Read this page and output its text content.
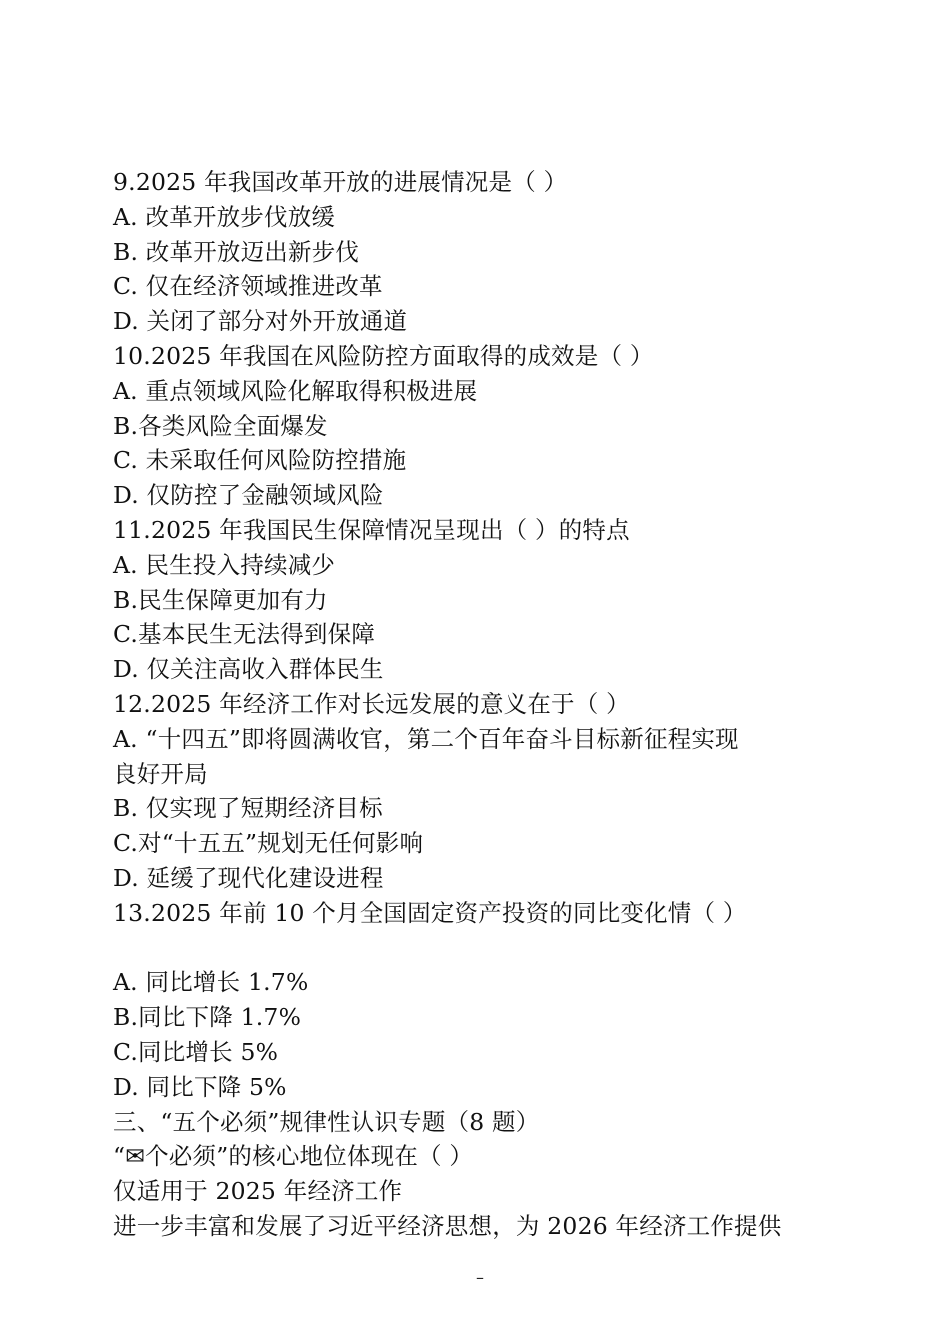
9.2025 年我国改革开放的进展情况是（ ）
A. 改革开放步伐放缓
B. 改革开放迈出新步伐
C. 仅在经济领域推进改革
D. 关闭了部分对外开放通道
10.2025 年我国在风险防控方面取得的成效是（ ）
A. 重点领域风险化解取得积极进展
B.各类风险全面爆发
C. 未采取任何风险防控措施
D. 仅防控了金融领域风险
11.2025 年我国民生保障情况呈现出（ ）的特点
A. 民生投入持续减少
B.民生保障更加有力
C.基本民生无法得到保障
D. 仅关注高收入群体民生
12.2025 年经济工作对长远发展的意义在于（ ）
A. “十四五”即将圆满收官，第二个百年奋斗目标新征程实现
良好开局
B. 仅实现了短期经济目标
C.对“十五五”规划无任何影响
D. 延缓了现代化建设进程
13.2025 年前 10 个月全国固定资产投资的同比变化情（ ）
A. 同比增长 1.7%
B.同比下降 1.7%
C.同比增长 5%
D. 同比下降 5%
三、“五个必须”规律性认识专题（8 题）
“✉个必须”的核心地位体现在（ ）
仅适用于 2025 年经济工作
进一步丰富和发展了习近平经济思想，为 2026 年经济工作提供
–
